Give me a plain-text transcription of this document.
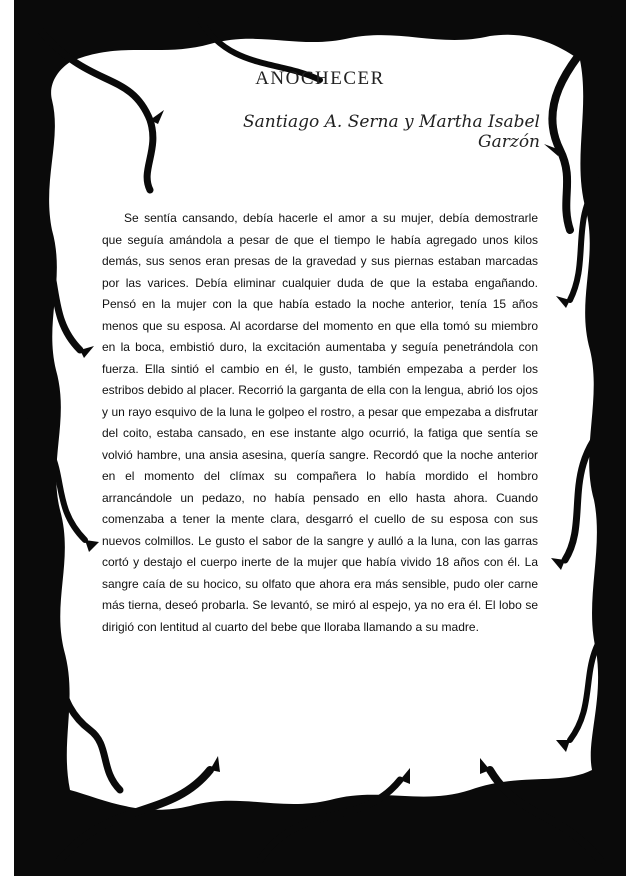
ANOCHECER

Santiago A. Serna y Martha Isabel Garzón

Se sentía cansando, debía hacerle el amor a su mujer, debía demostrarle que seguía amándola a pesar de que el tiempo le había agregado unos kilos demás, sus senos eran presas de la gravedad y sus piernas estaban marcadas por las varices. Debía eliminar cualquier duda de que la estaba engañando. Pensó en la mujer con la que había estado la noche anterior, tenía 15 años menos que su esposa. Al acordarse del momento en que ella tomó su miembro en la boca, embistió duro, la excitación aumentaba y seguía penetrándola con fuerza. Ella sintió el cambio en él, le gusto, también empezaba a perder los estribos debido al placer. Recorrió la garganta de ella con la lengua, abrió los ojos y un rayo esquivo de la luna le golpeo el rostro, a pesar que empezaba a disfrutar del coito, estaba cansado, en ese instante algo ocurrió, la fatiga que sentía se volvió hambre, una ansia asesina, quería sangre. Recordó que la noche anterior en el momento del clímax su compañera lo había mordido el hombro arrancándole un pedazo, no había pensado en ello hasta ahora. Cuando comenzaba a tener la mente clara, desgarró el cuello de su esposa con sus nuevos colmillos. Le gusto el sabor de la sangre y aulló a la luna, con las garras cortó y destajo el cuerpo inerte de la mujer que había vivido 18 años con él. La sangre caía de su hocico, su olfato que ahora era más sensible, pudo oler carne más tierna, deseó probarla. Se levantó, se miró al espejo, ya no era él. El lobo se dirigió con lentitud al cuarto del bebe que lloraba llamando a su madre.
